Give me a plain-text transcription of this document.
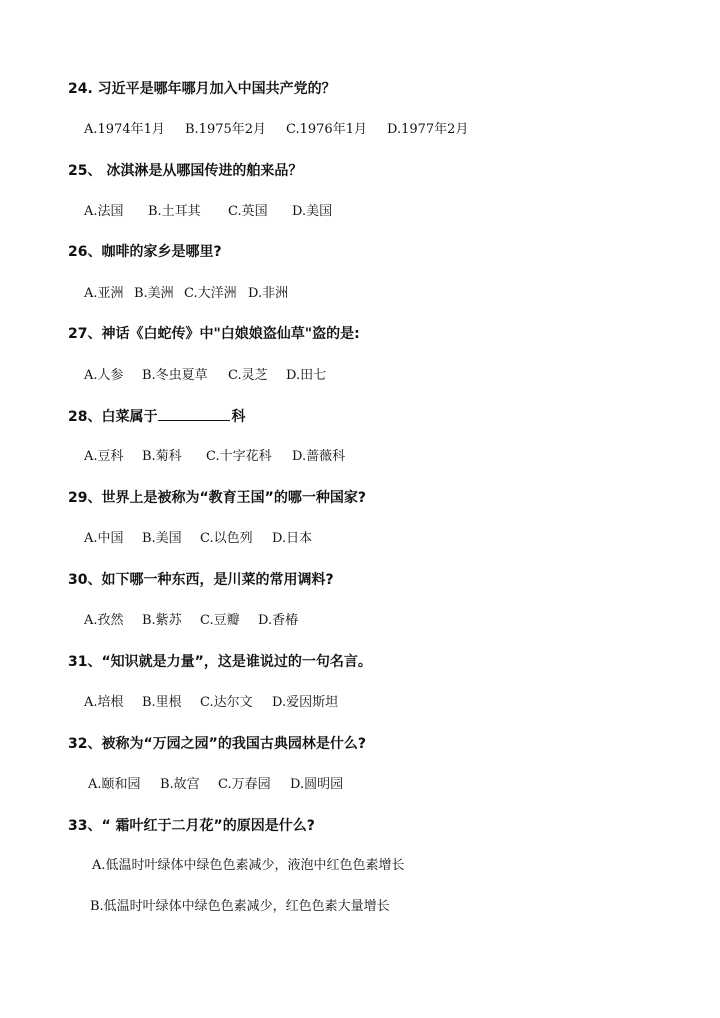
24. 习近平是哪年哪月加入中国共产党的？
A.1974年1月 B.1975年2月 C.1976年1月 D.1977年2月
25、 冰淇淋是从哪国传进的舶来品？
A.法国 B.土耳其 C.英国 D.美国
26、咖啡的家乡是哪里?
A.亚洲 B.美洲 C.大洋洲 D.非洲
27、神话《白蛇传》中"白娘娘盗仙草"盗的是:
A.人参 B.冬虫夏草 C.灵芝 D.田七
28、白菜属于	科
A.豆科 B.菊科 C.十字花科 D.蔷薇科
29、世界上是被称为“教育王国”的哪一种国家?
A.中国 B.美国 C.以色列 D.日本
30、如下哪一种东西，是川菜的常用调料?
A.孜然 B.紫苏 C.豆瓣 D.香椿
31、“知识就是力量”，这是谁说过的一句名言。
A.培根 B.里根 C.达尔文 D.爱因斯坦
32、被称为“万园之园”的我国古典园林是什么?
A.颐和园 B.故宫 C.万春园 D.圆明园
33、“ 霜叶红于二月花”的原因是什么?
A.低温时叶绿体中绿色色素减少，液泡中红色色素增长
B.低温时叶绿体中绿色色素减少，红色色素大量增长
